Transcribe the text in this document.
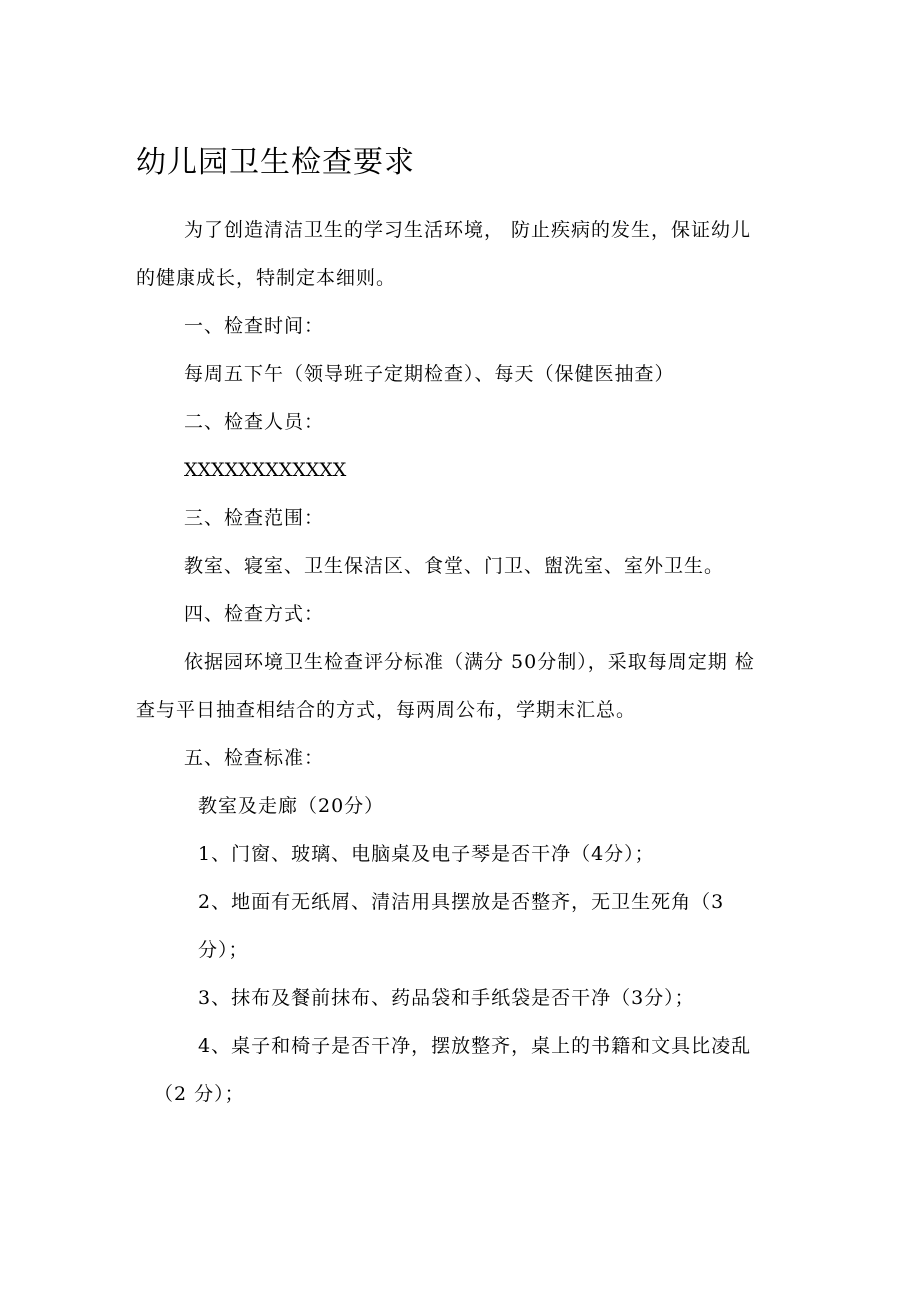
幼儿园卫生检查要求
为了创造清洁卫生的学习生活环境， 防止疾病的发生，保证幼儿
的健康成长，特制定本细则。
一、检查时间：
每周五下午（领导班子定期检查）、每天（保健医抽查）
二、检查人员：
XXXXXXXXXXXX
三、检查范围：
教室、寝室、卫生保洁区、食堂、门卫、盥洗室、室外卫生。
四、检查方式：
依据园环境卫生检查评分标准（满分 50分制），采取每周定期 检
查与平日抽查相结合的方式，每两周公布，学期末汇总。
五、检查标准：
教室及走廊（20分）
1、门窗、玻璃、电脑桌及电子琴是否干净（4分）；
2、地面有无纸屑、清洁用具摆放是否整齐，无卫生死角（3
分）；
3、抹布及餐前抹布、药品袋和手纸袋是否干净（3分）；
4、桌子和椅子是否干净，摆放整齐，桌上的书籍和文具比凌乱
（2 分）；
